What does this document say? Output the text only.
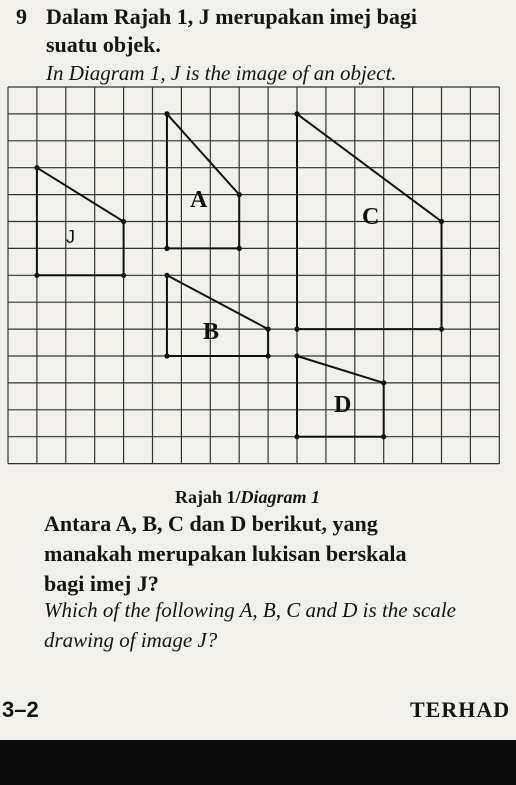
9 Dalam Rajah 1, J merupakan imej bagi
suatu objek.
In Diagram 1, J is the image of an object.
J
A
B
C
D
Rajah 1/Diagram 1
Antara A, B, C dan D berikut, yang
manakah merupakan lukisan berskala
bagi imej J?
Which of the following A, B, C and D is the scale
drawing of image J?
3–2	TERHAD
